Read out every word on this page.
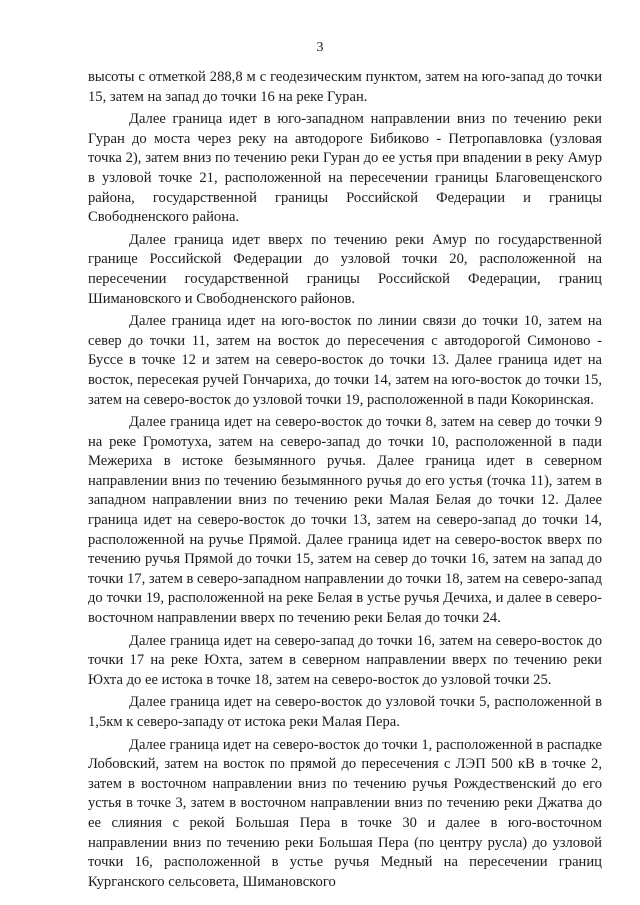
3

высоты с отметкой 288,8 м с геодезическим пунктом, затем на юго-запад до точки 15, затем на запад до точки 16 на реке Гуран.

Далее граница идет в юго-западном направлении вниз по течению реки Гуран до моста через реку на автодороге Бибиково - Петропавловка (узловая точка 2), затем вниз по течению реки Гуран до ее устья при впадении в реку Амур в узловой точке 21, расположенной на пересечении границы Благовещенского района, государственной границы Российской Федерации и границы Свободненского района.

Далее граница идет вверх по течению реки Амур по государственной границе Российской Федерации до узловой точки 20, расположенной на пересечении государственной границы Российской Федерации, границ Шимановского и Свободненского районов.

Далее граница идет на юго-восток по линии связи до точки 10, затем на север до точки 11, затем на восток до пересечения с автодорогой Симоново - Буссе в точке 12 и затем на северо-восток до точки 13. Далее граница идет на восток, пересекая ручей Гончариха, до точки 14, затем на юго-восток до точки 15, затем на северо-восток до узловой точки 19, расположенной в пади Кокоринская.

Далее граница идет на северо-восток до точки 8, затем на север до точки 9 на реке Громотуха, затем на северо-запад до точки 10, расположенной в пади Межериха в истоке безымянного ручья. Далее граница идет в северном направлении вниз по течению безымянного ручья до его устья (точка 11), затем в западном направлении вниз по течению реки Малая Белая до точки 12. Далее граница идет на северо-восток до точки 13, затем на северо-запад до точки 14, расположенной на ручье Прямой. Далее граница идет на северо-восток вверх по течению ручья Прямой до точки 15, затем на север до точки 16, затем на запад до точки 17, затем в северо-западном направлении до точки 18, затем на северо-запад до точки 19, расположенной на реке Белая в устье ручья Дечиха, и далее в северо-восточном направлении вверх по течению реки Белая до точки 24.

Далее граница идет на северо-запад до точки 16, затем на северо-восток до точки 17 на реке Юхта, затем в северном направлении вверх по течению реки Юхта до ее истока в точке 18, затем на северо-восток до узловой точки 25.

Далее граница идет на северо-восток до узловой точки 5, расположенной в 1,5км к северо-западу от истока реки Малая Пера.

Далее граница идет на северо-восток до точки 1, расположенной в распадке Лобовский, затем на восток по прямой до пересечения с ЛЭП 500 кВ в точке 2, затем в восточном направлении вниз по течению ручья Рождественский до его устья в точке 3, затем в восточном направлении вниз по течению реки Джатва до ее слияния с рекой Большая Пера в точке 30 и далее в юго-восточном направлении вниз по течению реки Большая Пера (по центру русла) до узловой точки 16, расположенной в устье ручья Медный на пересечении границ Курганского сельсовета, Шимановского
